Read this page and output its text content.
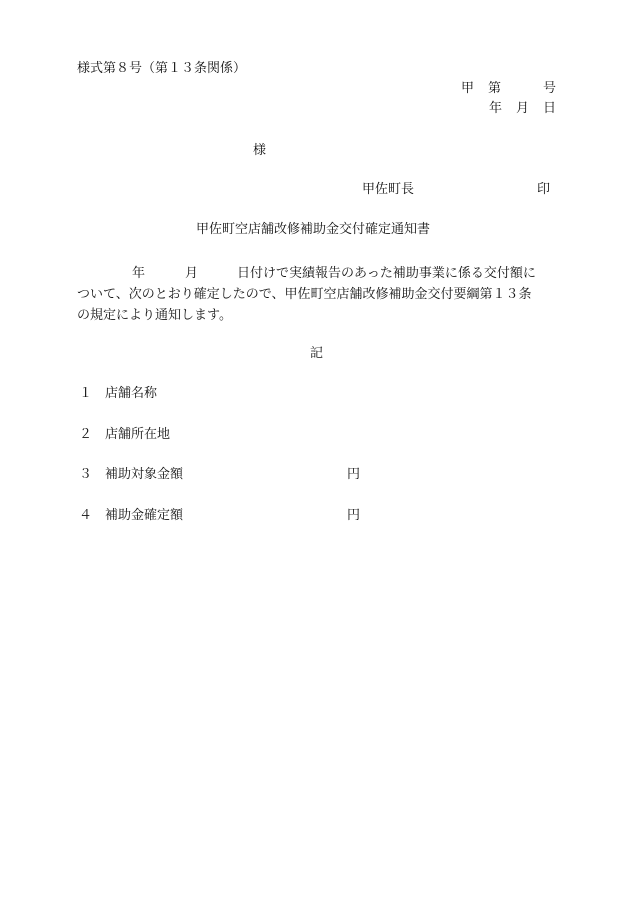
様式第８号（第１３条関係）
甲 第	号
年 月 日
様
甲佐町長	印
甲佐町空店舗改修補助金交付確定通知書
年	月	日付けで実績報告のあった補助事業に係る交付額に
ついて、次のとおり確定したので、甲佐町空店舗改修補助金交付要綱第１３条
の規定により通知します。
記
１ 店舗名称
２ 店舗所在地
３ 補助対象金額	円
４ 補助金確定額	円
